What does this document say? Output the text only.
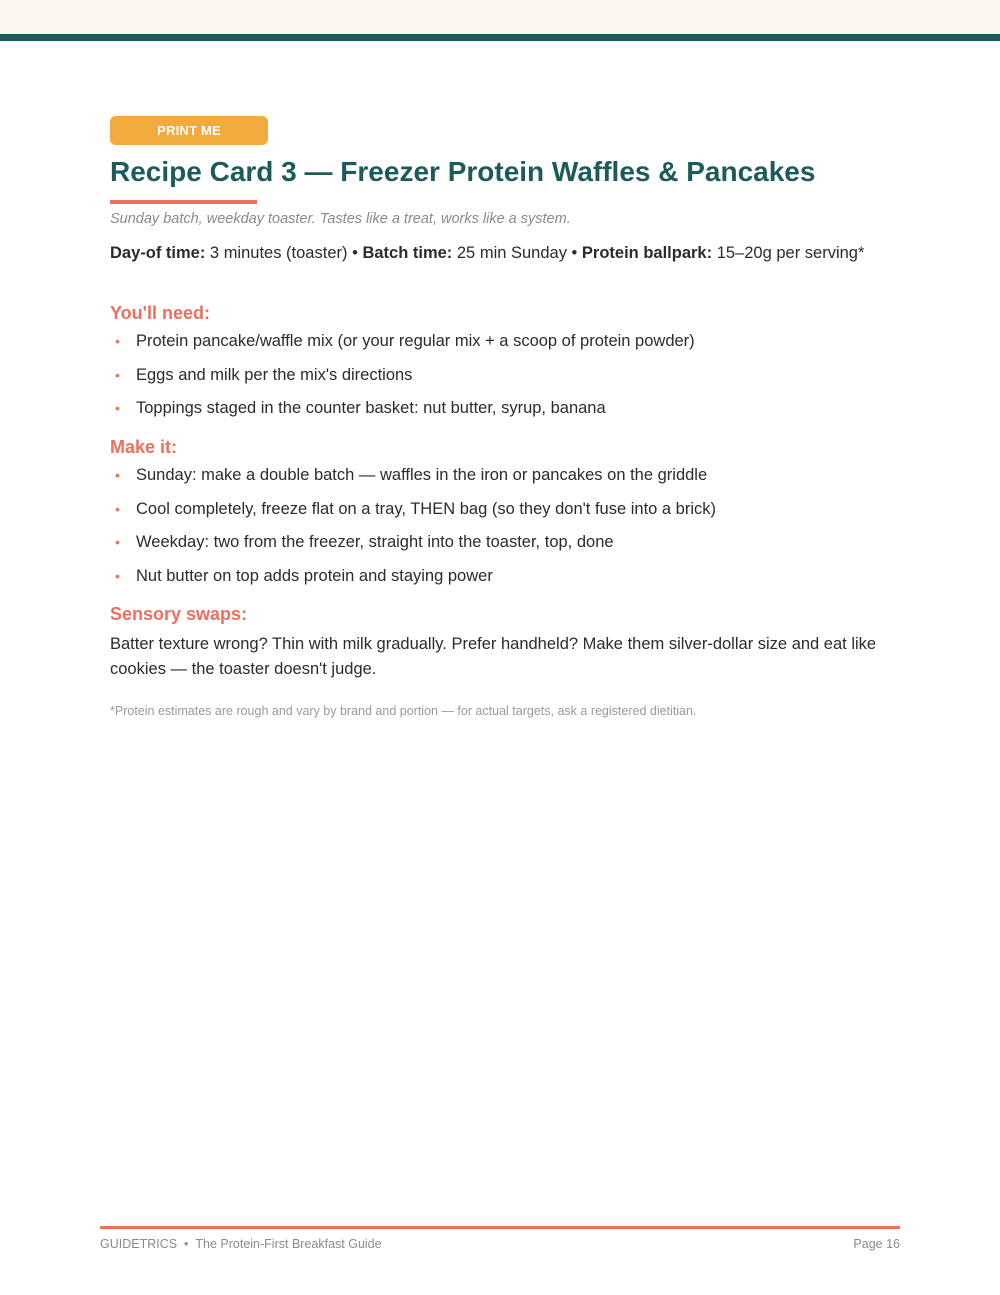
PRINT ME
Recipe Card 3 — Freezer Protein Waffles & Pancakes
Sunday batch, weekday toaster. Tastes like a treat, works like a system.
Day-of time: 3 minutes (toaster) • Batch time: 25 min Sunday • Protein ballpark: 15–20g per serving*
You'll need:
• Protein pancake/waffle mix (or your regular mix + a scoop of protein powder)
• Eggs and milk per the mix's directions
• Toppings staged in the counter basket: nut butter, syrup, banana
Make it:
• Sunday: make a double batch — waffles in the iron or pancakes on the griddle
• Cool completely, freeze flat on a tray, THEN bag (so they don't fuse into a brick)
• Weekday: two from the freezer, straight into the toaster, top, done
• Nut butter on top adds protein and staying power
Sensory swaps:
Batter texture wrong? Thin with milk gradually. Prefer handheld? Make them silver-dollar size and eat like cookies — the toaster doesn't judge.
*Protein estimates are rough and vary by brand and portion — for actual targets, ask a registered dietitian.
GUIDETRICS • The Protein-First Breakfast Guide	Page 16
